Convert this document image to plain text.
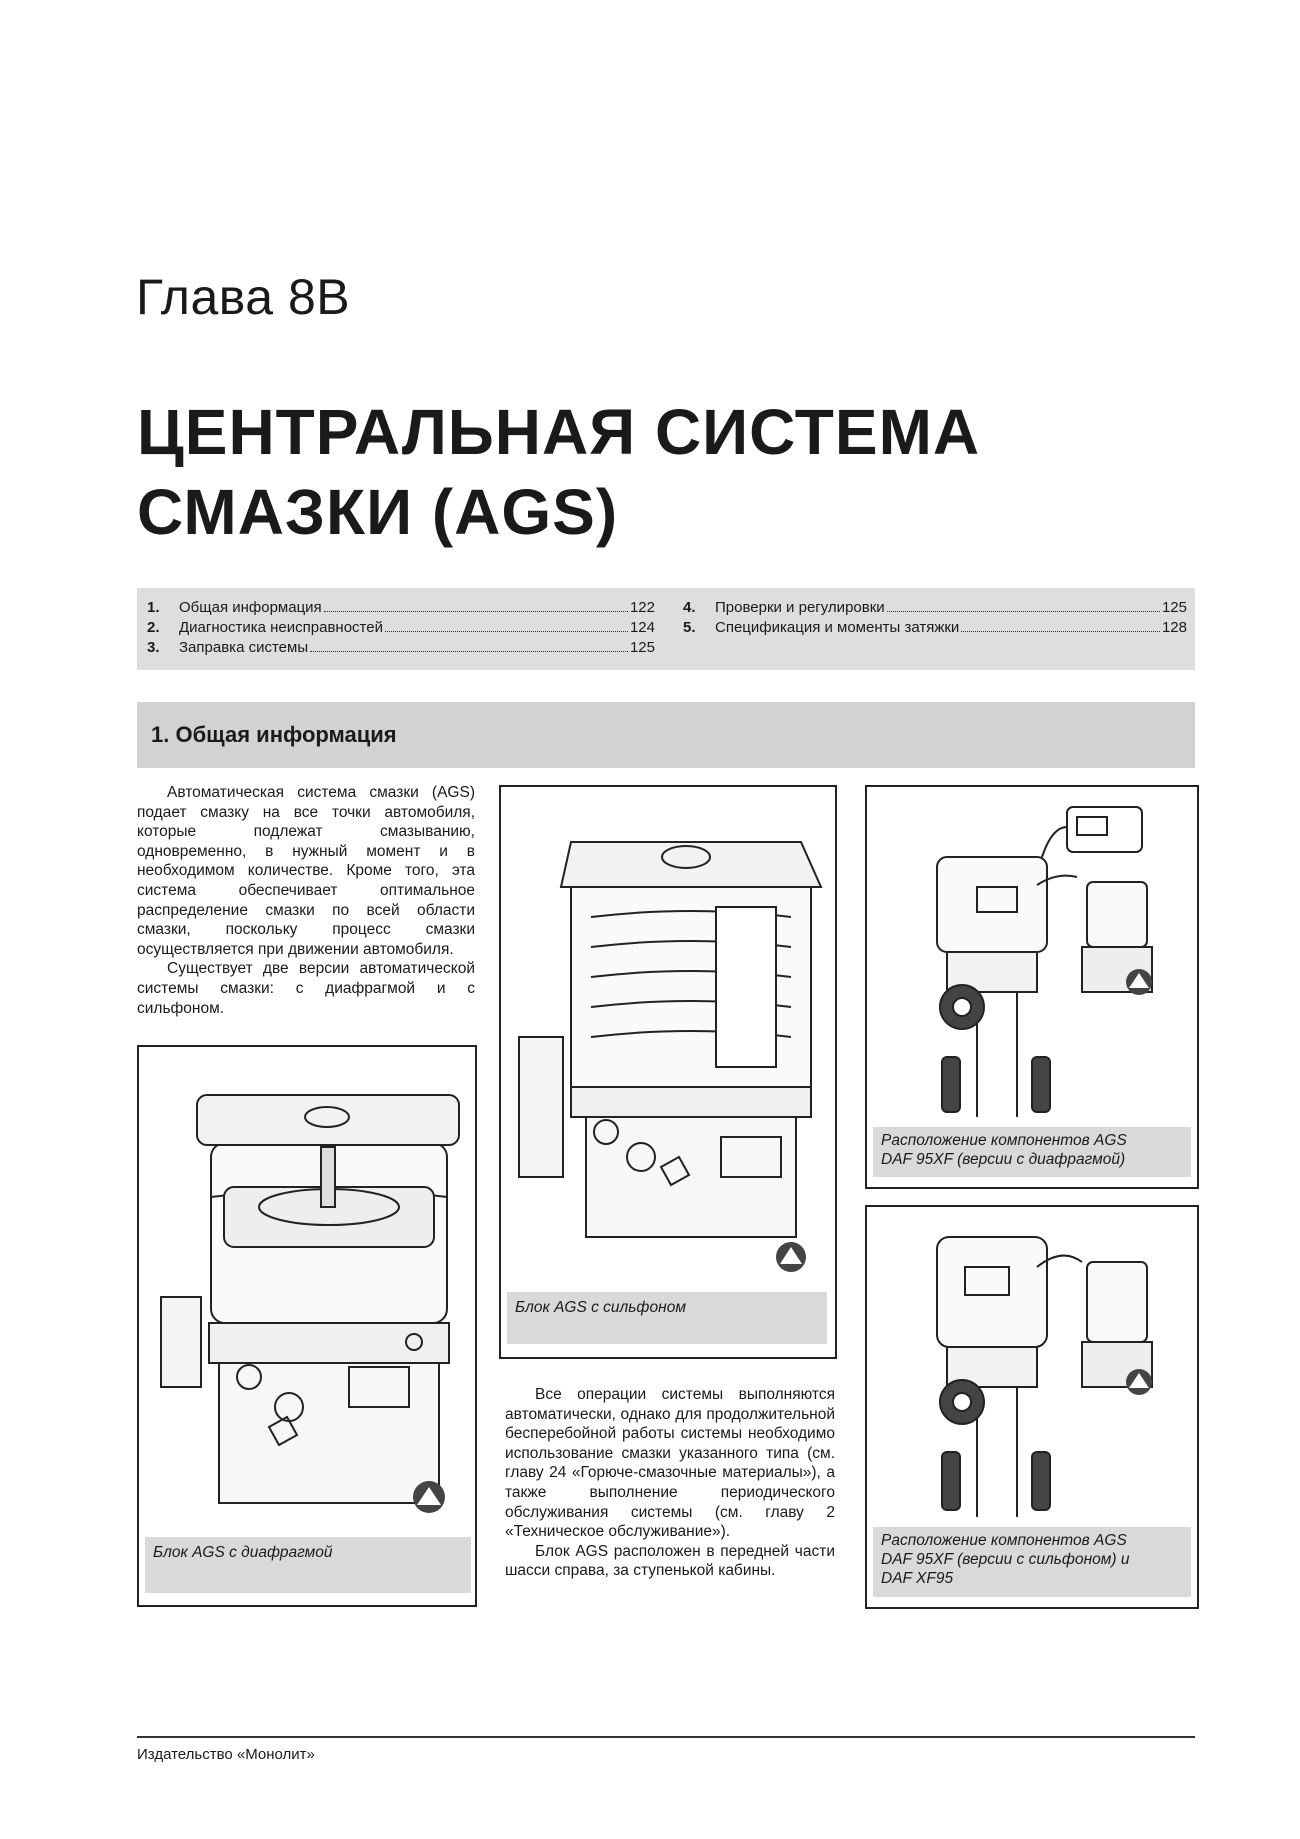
Глава 8В
ЦЕНТРАЛЬНАЯ СИСТЕМА
СМАЗКИ (AGS)
1.	Общая информация	122
2.	Диагностика неисправностей	124
3.	Заправка системы	125
4.	Проверки и регулировки	125
5.	Спецификация и моменты затяжки	128
1. Общая информация

Автоматическая система смазки (AGS) подает смазку на все точки автомобиля, которые подлежат смазыванию, одновременно, в нужный момент и в необходимом количестве. Кроме того, эта система обеспечивает оптимальное распределение смазки по всей области смазки, поскольку процесс смазки осуществляется при движении автомобиля.

Существует две версии автоматической системы смазки: с диафрагмой и с сильфоном.

Блок AGS с диафрагмой
Блок AGS с сильфоном

Все операции системы выполняются автоматически, однако для продолжительной бесперебойной работы системы необходимо использование смазки указанного типа (см. главу 24 «Горюче-смазочные материалы»), а также выполнение периодического обслуживания системы (см. главу 2 «Техническое обслуживание»).

Блок AGS расположен в передней части шасси справа, за ступенькой кабины.

Расположение компонентов AGS
DAF 95XF (версии с диафрагмой)
Расположение компонентов AGS
DAF 95XF (версии с сильфоном) и
DAF XF95
Издательство «Монолит»
